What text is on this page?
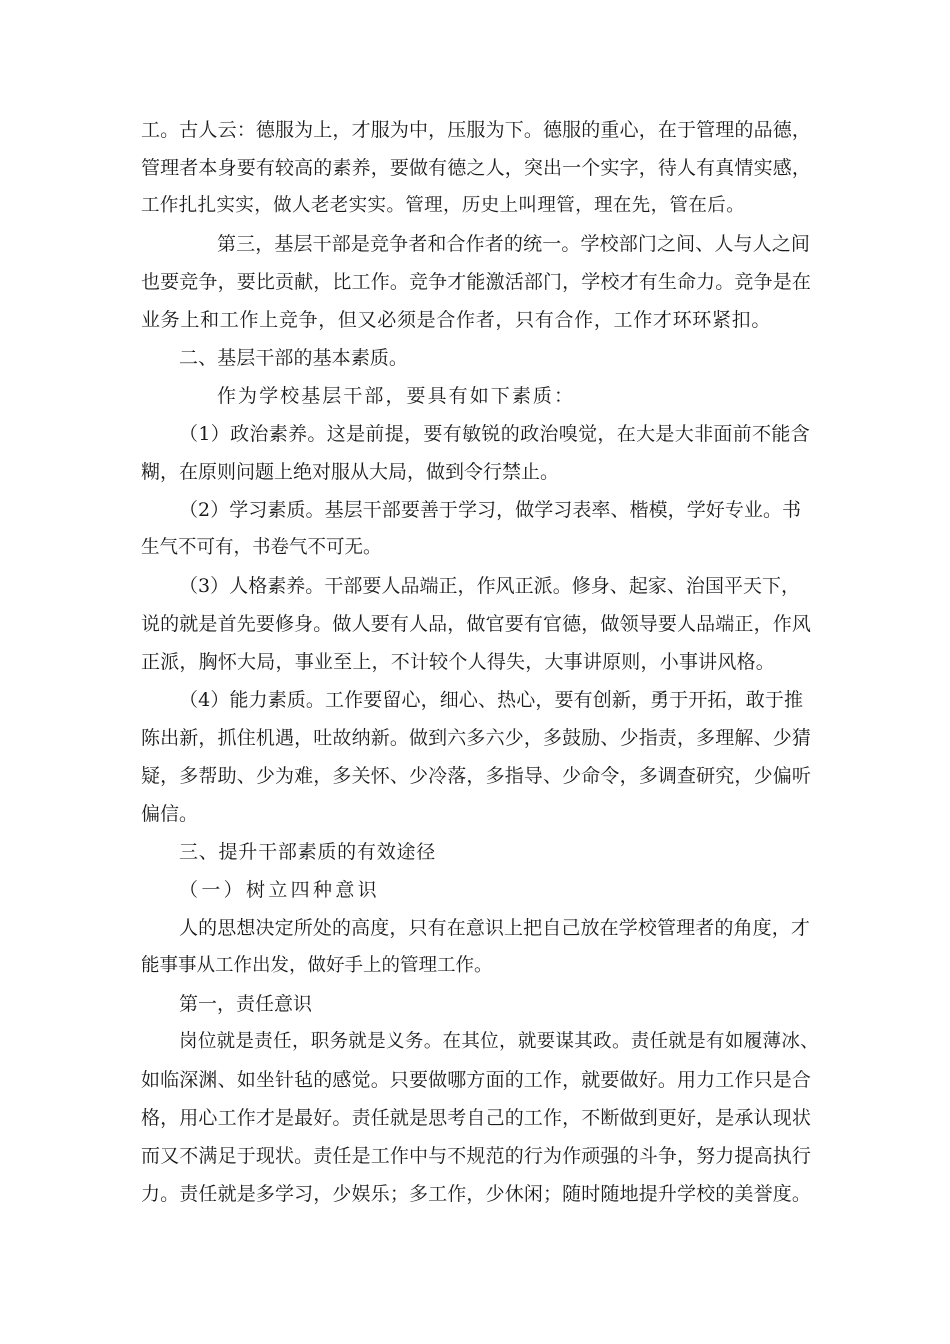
工。古人云：德服为上，才服为中，压服为下。德服的重心，在于管理的品德，

管理者本身要有较高的素养，要做有德之人，突出一个实字，待人有真情实感，

工作扎扎实实，做人老老实实。管理，历史上叫理管，理在先，管在后。

第三，基层干部是竞争者和合作者的统一。学校部门之间、人与人之间

也要竞争，要比贡献，比工作。竞争才能激活部门，学校才有生命力。竞争是在

业务上和工作上竞争，但又必须是合作者，只有合作，工作才环环紧扣。

二、基层干部的基本素质。

作为学校基层干部，要具有如下素质：

（1）政治素养。这是前提，要有敏锐的政治嗅觉，在大是大非面前不能含

糊，在原则问题上绝对服从大局，做到令行禁止。

（2）学习素质。基层干部要善于学习，做学习表率、楷模，学好专业。书

生气不可有，书卷气不可无。

（3）人格素养。干部要人品端正，作风正派。修身、起家、治国平天下，

说的就是首先要修身。做人要有人品，做官要有官德，做领导要人品端正，作风

正派，胸怀大局，事业至上，不计较个人得失，大事讲原则，小事讲风格。

（4）能力素质。工作要留心，细心、热心，要有创新，勇于开拓，敢于推

陈出新，抓住机遇，吐故纳新。做到六多六少，多鼓励、少指责，多理解、少猜

疑，多帮助、少为难，多关怀、少冷落，多指导、少命令，多调查研究，少偏听

偏信。

三、提升干部素质的有效途径

（一）树立四种意识

人的思想决定所处的高度，只有在意识上把自己放在学校管理者的角度，才

能事事从工作出发，做好手上的管理工作。

第一，责任意识

岗位就是责任，职务就是义务。在其位，就要谋其政。责任就是有如履薄冰、

如临深渊、如坐针毡的感觉。只要做哪方面的工作，就要做好。用力工作只是合

格，用心工作才是最好。责任就是思考自己的工作，不断做到更好，是承认现状

而又不满足于现状。责任是工作中与不规范的行为作顽强的斗争，努力提高执行

力。责任就是多学习，少娱乐；多工作，少休闲；随时随地提升学校的美誉度。
